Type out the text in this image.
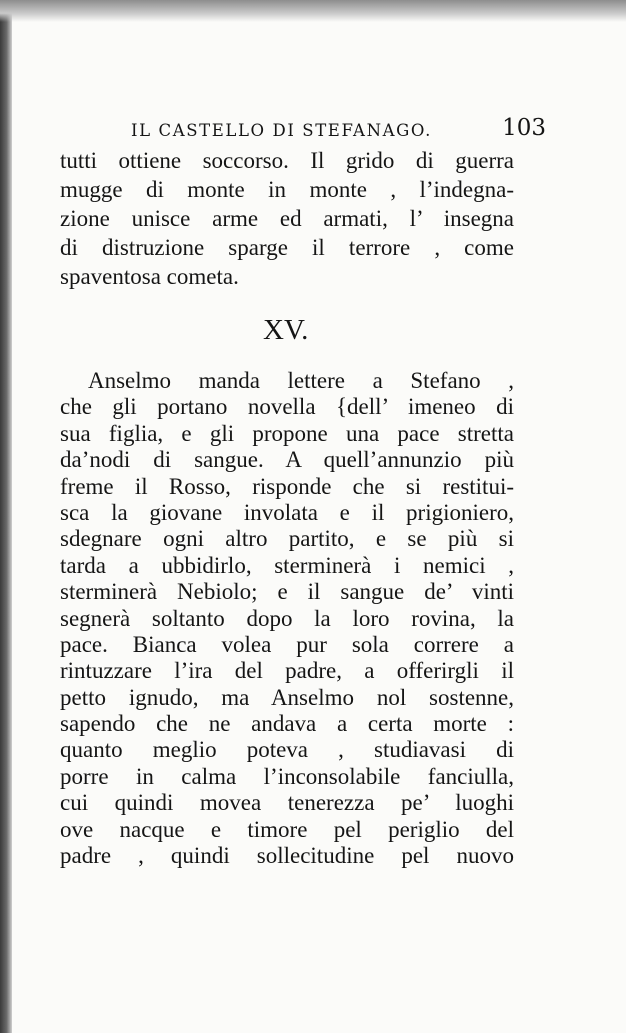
IL CASTELLO DI STEFANAGO.	103
tutti ottiene soccorso. Il grido di guerra
mugge di monte in monte , l’indegna-
zione unisce arme ed armati, l’ insegna
di distruzione sparge il terrore , come
spaventosa cometa.
XV.
Anselmo manda lettere a Stefano ,
che gli portano novella {dell’ imeneo di
sua figlia, e gli propone una pace stretta
da’nodi di sangue. A quell’annunzio più
freme il Rosso, risponde che si restitui-
sca la giovane involata e il prigioniero,
sdegnare ogni altro partito, e se più si
tarda a ubbidirlo, sterminerà i nemici ,
sterminerà Nebiolo; e il sangue de’ vinti
segnerà soltanto dopo la loro rovina, la
pace. Bianca volea pur sola correre a
rintuzzare l’ira del padre, a offerirgli il
petto ignudo, ma Anselmo nol sostenne,
sapendo che ne andava a certa morte :
quanto meglio poteva , studiavasi di
porre in calma l’inconsolabile fanciulla,
cui quindi movea tenerezza pe’ luoghi
ove nacque e timore pel periglio del
padre , quindi sollecitudine pel nuovo
